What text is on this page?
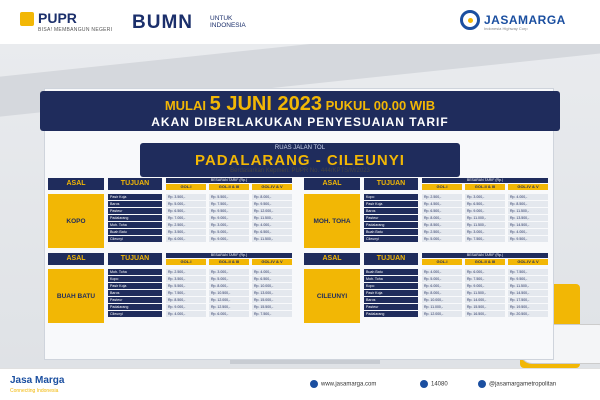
PUPR
BISA! MEMBANGUN NEGERI BUMN	UNTUK INDONESIA	JASAMARGA
Indonesia Highway Corp
MULAI 5 JUNI 2023 PUKUL 00.00 WIB
AKAN DIBERLAKUKAN PENYESUAIAN TARIF
RUAS JALAN TOL
PADALARANG - CILEUNYI
Berdasarkan Kepmen. PUPR No. 444/KPTS/M/2023
ASAL	TUJUAN	BESARAN TARIF (Rp.)
GOL.I	GOL.II & III	GOL.IV & V
KOPO
Pasir Koja	Rp. 3.500,-	Rp. 5.500,-	Rp. 8.000,-
Baros	Rp. 5.000,-	Rp. 7.500,-	Rp. 9.500,-
Pasteur	Rp. 6.500,-	Rp. 9.500,-	Rp. 12.000,-
Padalarang	Rp. 7.000,-	Rp. 9.000,-	Rp. 11.500,-
Moh. Toha	Rp. 2.500,-	Rp. 3.000,-	Rp. 4.000,-
Buah Batu	Rp. 3.500,-	Rp. 5.000,-	Rp. 6.500,-
Cileunyi	Rp. 6.000,-	Rp. 9.000,-	Rp. 11.500,-
ASAL	TUJUAN	BESARAN TARIF (Rp.)
GOL.I	GOL.II & III	GOL.IV & V
MOH. TOHA
Kopo	Rp. 2.500,-	Rp. 3.000,-	Rp. 4.000,-
Pasir Koja	Rp. 4.500,-	Rp. 6.500,-	Rp. 8.500,-
Baros	Rp. 6.500,-	Rp. 9.000,-	Rp. 11.500,-
Pasteur	Rp. 8.000,-	Rp. 11.000,-	Rp. 13.500,-
Padalarang	Rp. 8.500,-	Rp. 11.500,-	Rp. 14.500,-
Buah Batu	Rp. 2.500,-	Rp. 3.000,-	Rp. 4.000,-
Cileunyi	Rp. 5.000,-	Rp. 7.500,-	Rp. 9.500,-
ASAL	TUJUAN	BESARAN TARIF (Rp.)
GOL.I	GOL.II & III	GOL.IV & V
BUAH BATU
Moh. Toha	Rp. 2.500,-	Rp. 3.000,-	Rp. 4.000,-
Kopo	Rp. 3.500,-	Rp. 5.000,-	Rp. 6.500,-
Pasir Koja	Rp. 5.500,-	Rp. 8.000,-	Rp. 10.000,-
Baros	Rp. 7.500,-	Rp. 10.500,-	Rp. 13.000,-
Pasteur	Rp. 8.500,-	Rp. 12.000,-	Rp. 15.000,-
Padalarang	Rp. 9.000,-	Rp. 12.500,-	Rp. 15.500,-
Cileunyi	Rp. 4.000,-	Rp. 6.000,-	Rp. 7.500,-
ASAL	TUJUAN	BESARAN TARIF (Rp.)
GOL.I	GOL.II & III	GOL.IV & V
CILEUNYI
Buah Batu	Rp. 4.000,-	Rp. 6.000,-	Rp. 7.500,-
Moh. Toha	Rp. 5.000,-	Rp. 7.500,-	Rp. 9.500,-
Kopo	Rp. 6.000,-	Rp. 9.000,-	Rp. 11.500,-
Pasir Koja	Rp. 8.000,-	Rp. 11.500,-	Rp. 14.500,-
Baros	Rp. 10.000,-	Rp. 14.000,-	Rp. 17.500,-
Pasteur	Rp. 11.000,-	Rp. 15.500,-	Rp. 19.500,-
Padalarang	Rp. 12.000,-	Rp. 16.500,-	Rp. 20.500,-
Jasa Marga
Connecting Indonesia
www.jasamarga.com	14080	@jasamargametropolitan
